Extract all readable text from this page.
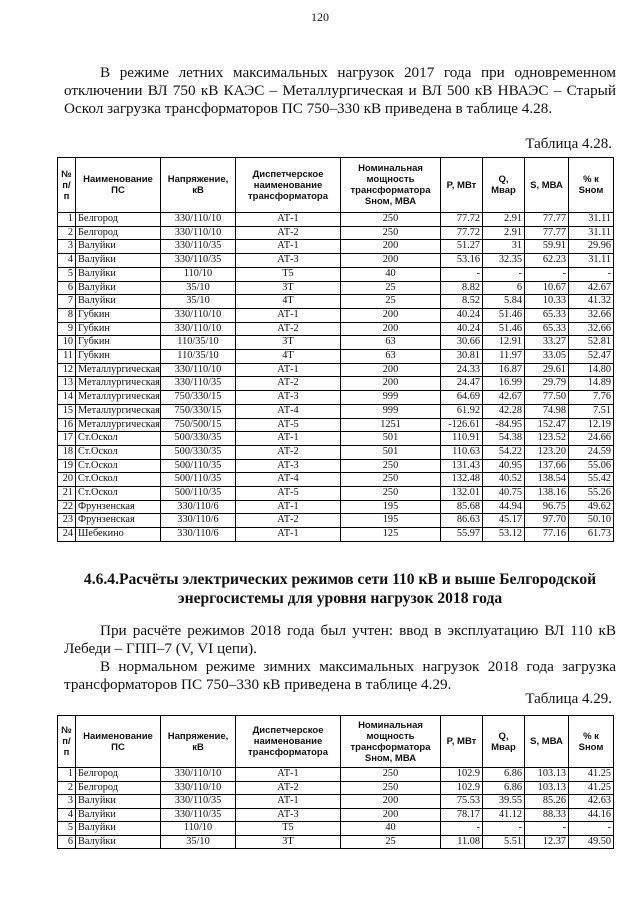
120
В режиме летних максимальных нагрузок 2017 года при одновременном отключении ВЛ 750 кВ КАЭС – Металлургическая и ВЛ 500 кВ НВАЭС – Старый Оскол загрузка трансформаторов ПС 750–330 кВ приведена в таблице 4.28.
Таблица 4.28.
№ п/п	Наименование ПС	Напряжение, кВ	Диспетчерское наименование трансформатора	Номинальная мощность трансформатора Sном, МВА	P, МВт	Q, Мвар	S, МВА	% к Sном
1	Белгород	330/110/10	АТ-1	250	77.72	2.91	77.77	31.11
2	Белгород	330/110/10	АТ-2	250	77.72	2.91	77.77	31.11
3	Валуйки	330/110/35	АТ-1	200	51.27	31	59.91	29.96
4	Валуйки	330/110/35	АТ-3	200	53.16	32.35	62.23	31.11
5	Валуйки	110/10	Т5	40	-	-	-	-
6	Валуйки	35/10	3Т	25	8.82	6	10.67	42.67
7	Валуйки	35/10	4Т	25	8.52	5.84	10.33	41.32
8	Губкин	330/110/10	АТ-1	200	40.24	51.46	65.33	32.66
9	Губкин	330/110/10	АТ-2	200	40.24	51.46	65.33	32.66
10	Губкин	110/35/10	3Т	63	30.66	12.91	33.27	52.81
11	Губкин	110/35/10	4Т	63	30.81	11.97	33.05	52.47
12	Металлургическая	330/110/10	АТ-1	200	24.33	16.87	29.61	14.80
13	Металлургическая	330/110/35	АТ-2	200	24.47	16.99	29.79	14.89
14	Металлургическая	750/330/15	АТ-3	999	64.69	42.67	77.50	7.76
15	Металлургическая	750/330/15	АТ-4	999	61.92	42.28	74.98	7.51
16	Металлургическая	750/500/15	АТ-5	1251	-126.61	-84.95	152.47	12.19
17	Ст.Оскол	500/330/35	АТ-1	501	110.91	54.38	123.52	24.66
18	Ст.Оскол	500/330/35	АТ-2	501	110.63	54.22	123.20	24.59
19	Ст.Оскол	500/110/35	АТ-3	250	131.43	40.95	137.66	55.06
20	Ст.Оскол	500/110/35	АТ-4	250	132.48	40.52	138.54	55.42
21	Ст.Оскол	500/110/35	АТ-5	250	132.01	40.75	138.16	55.26
22	Фрунзенская	330/110/6	АТ-1	195	85.68	44.94	96.75	49.62
23	Фрунзенская	330/110/6	АТ-2	195	86.63	45.17	97.70	50.10
24	Шебекино	330/110/6	АТ-1	125	55.97	53.12	77.16	61.73
4.6.4.Расчёты электрических режимов сети 110 кВ и выше Белгородской энергосистемы для уровня нагрузок 2018 года
При расчёте режимов 2018 года был учтен: ввод в эксплуатацию ВЛ 110 кВ Лебеди – ГПП–7 (V, VI цепи).
В нормальном режиме зимних максимальных нагрузок 2018 года загрузка трансформаторов ПС 750–330 кВ приведена в таблице 4.29.
Таблица 4.29.
№ п/п	Наименование ПС	Напряжение, кВ	Диспетчерское наименование трансформатора	Номинальная мощность трансформатора Sном, МВА	P, МВт	Q, Мвар	S, МВА	% к Sном
1	Белгород	330/110/10	АТ-1	250	102.9	6.86	103.13	41.25
2	Белгород	330/110/10	АТ-2	250	102.9	6.86	103.13	41.25
3	Валуйки	330/110/35	АТ-1	200	75.53	39.55	85.26	42.63
4	Валуйки	330/110/35	АТ-3	200	78.17	41.12	88.33	44.16
5	Валуйки	110/10	Т5	40	-	-	-	-
6	Валуйки	35/10	3Т	25	11.08	5.51	12.37	49.50
